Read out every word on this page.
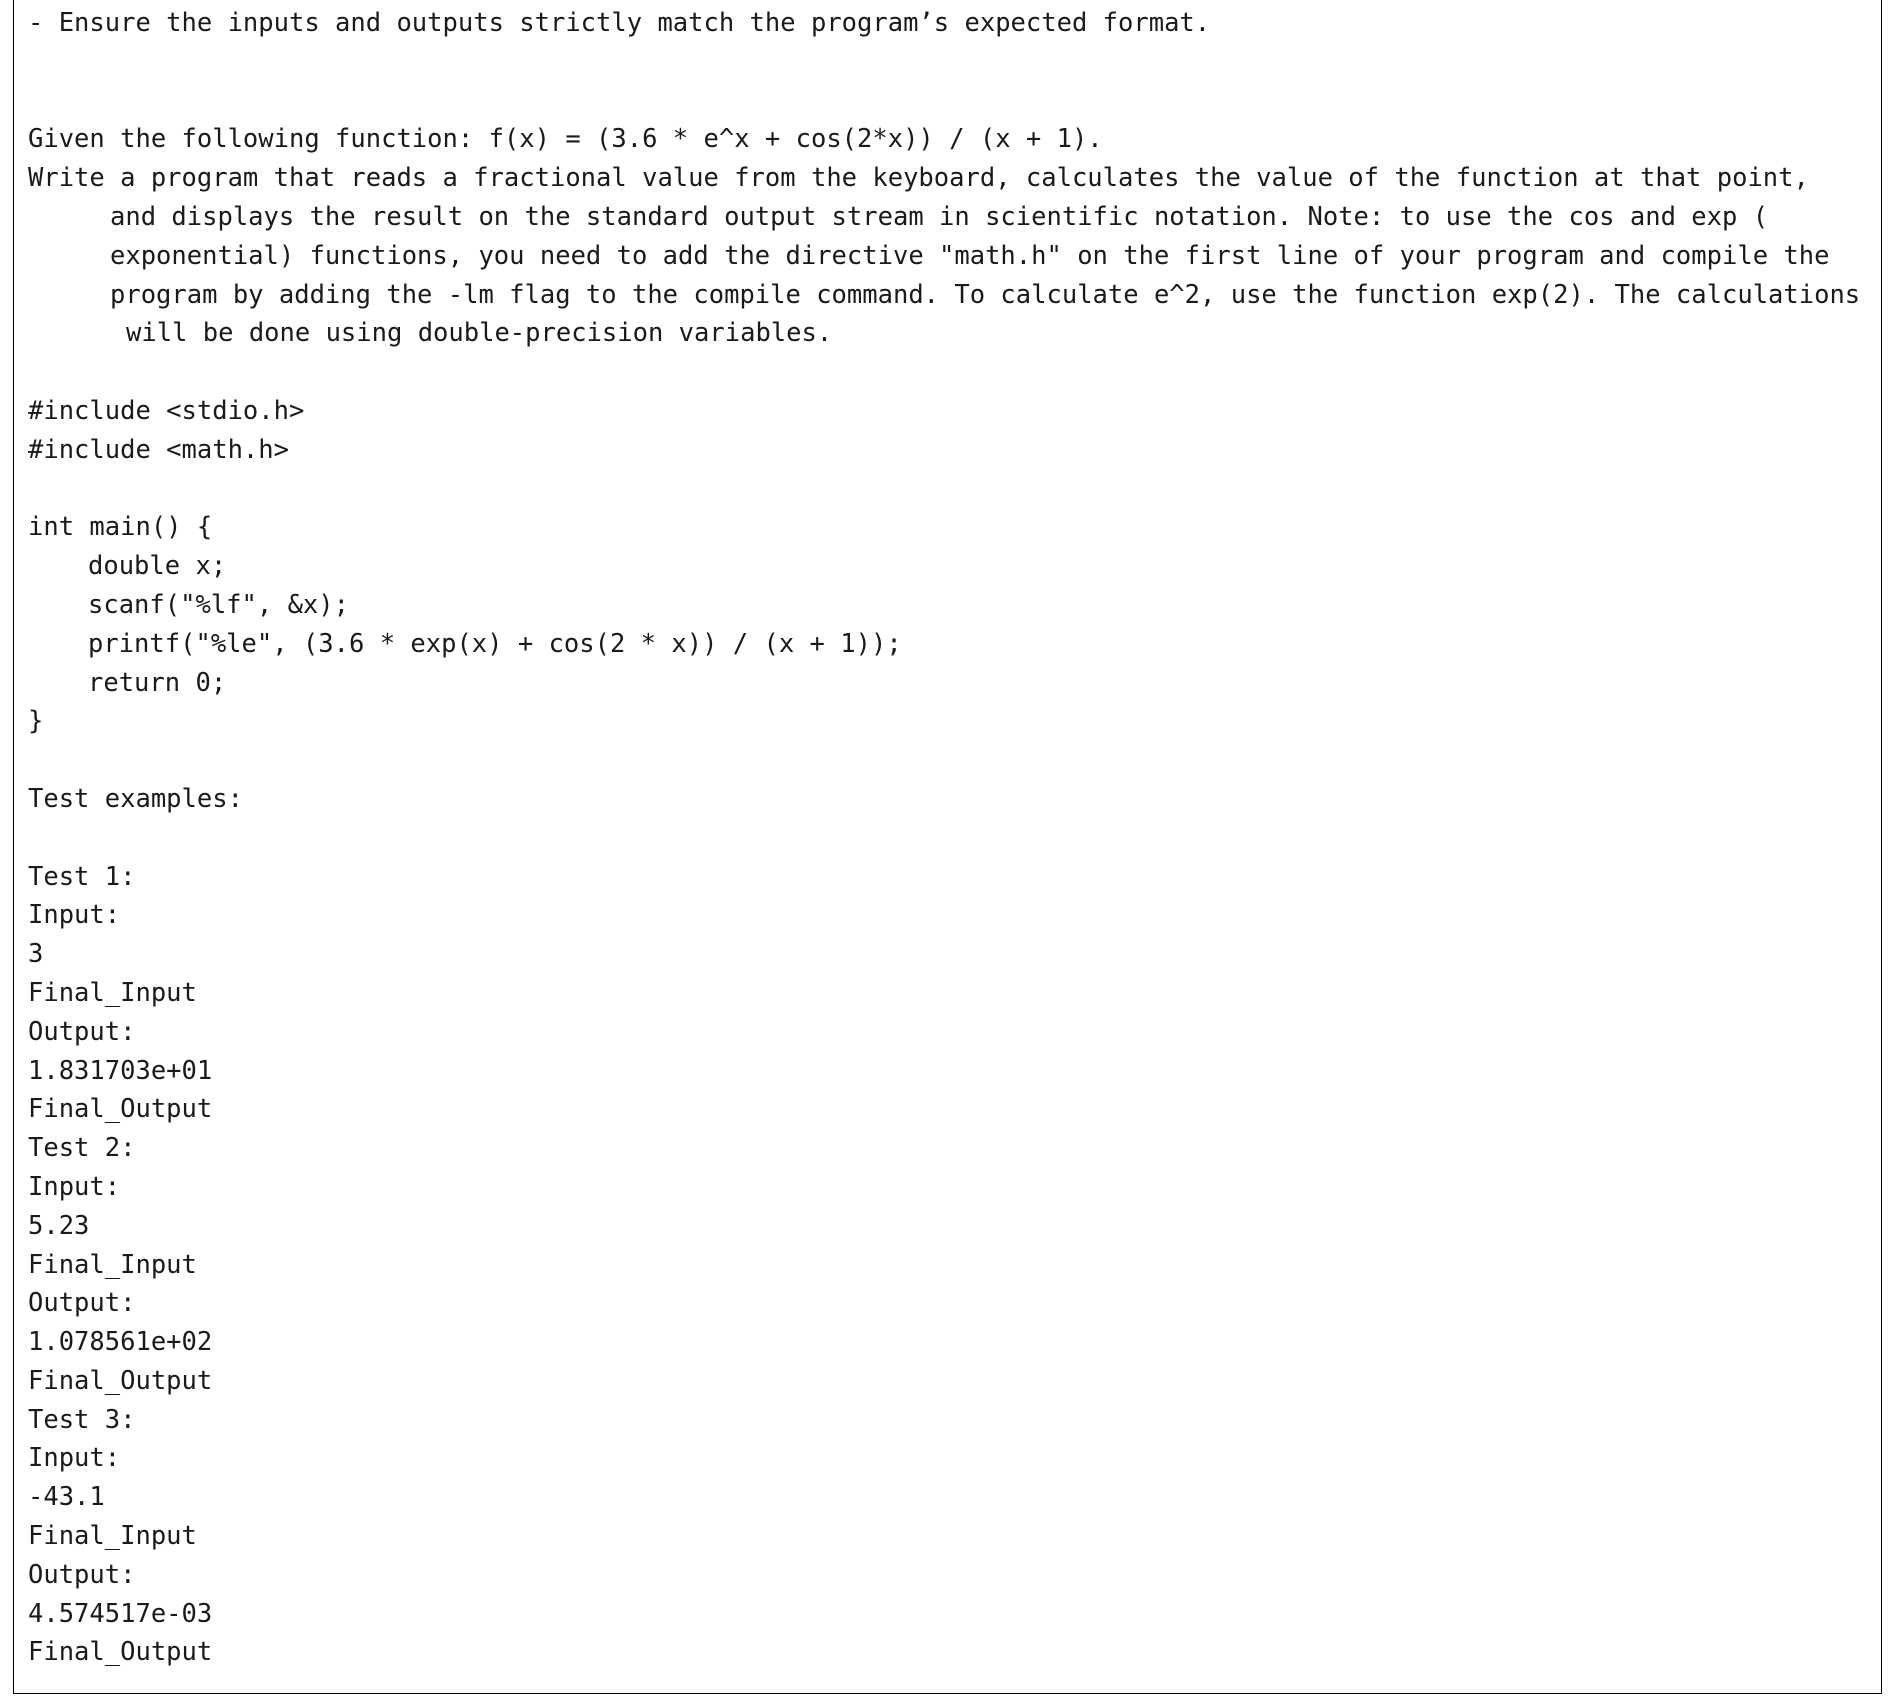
- Ensure the inputs and outputs strictly match the program’s expected format.
Given the following function: f(x) = (3.6 * e^x + cos(2*x)) / (x + 1).
Write a program that reads a fractional value from the keyboard, calculates the value of the function at that point,
and displays the result on the standard output stream in scientific notation. Note: to use the cos and exp (
exponential) functions, you need to add the directive "math.h" on the first line of your program and compile the
program by adding the -lm flag to the compile command. To calculate e^2, use the function exp(2). The calculations
will be done using double-precision variables.
#include <stdio.h>
#include <math.h>
int main() {
double x;
scanf("%lf", &x);
printf("%le", (3.6 * exp(x) + cos(2 * x)) / (x + 1));
return 0;
}
Test examples:
Test 1:
Input:
3
Final_Input
Output:
1.831703e+01
Final_Output
Test 2:
Input:
5.23
Final_Input
Output:
1.078561e+02
Final_Output
Test 3:
Input:
-43.1
Final_Input
Output:
4.574517e-03
Final_Output
